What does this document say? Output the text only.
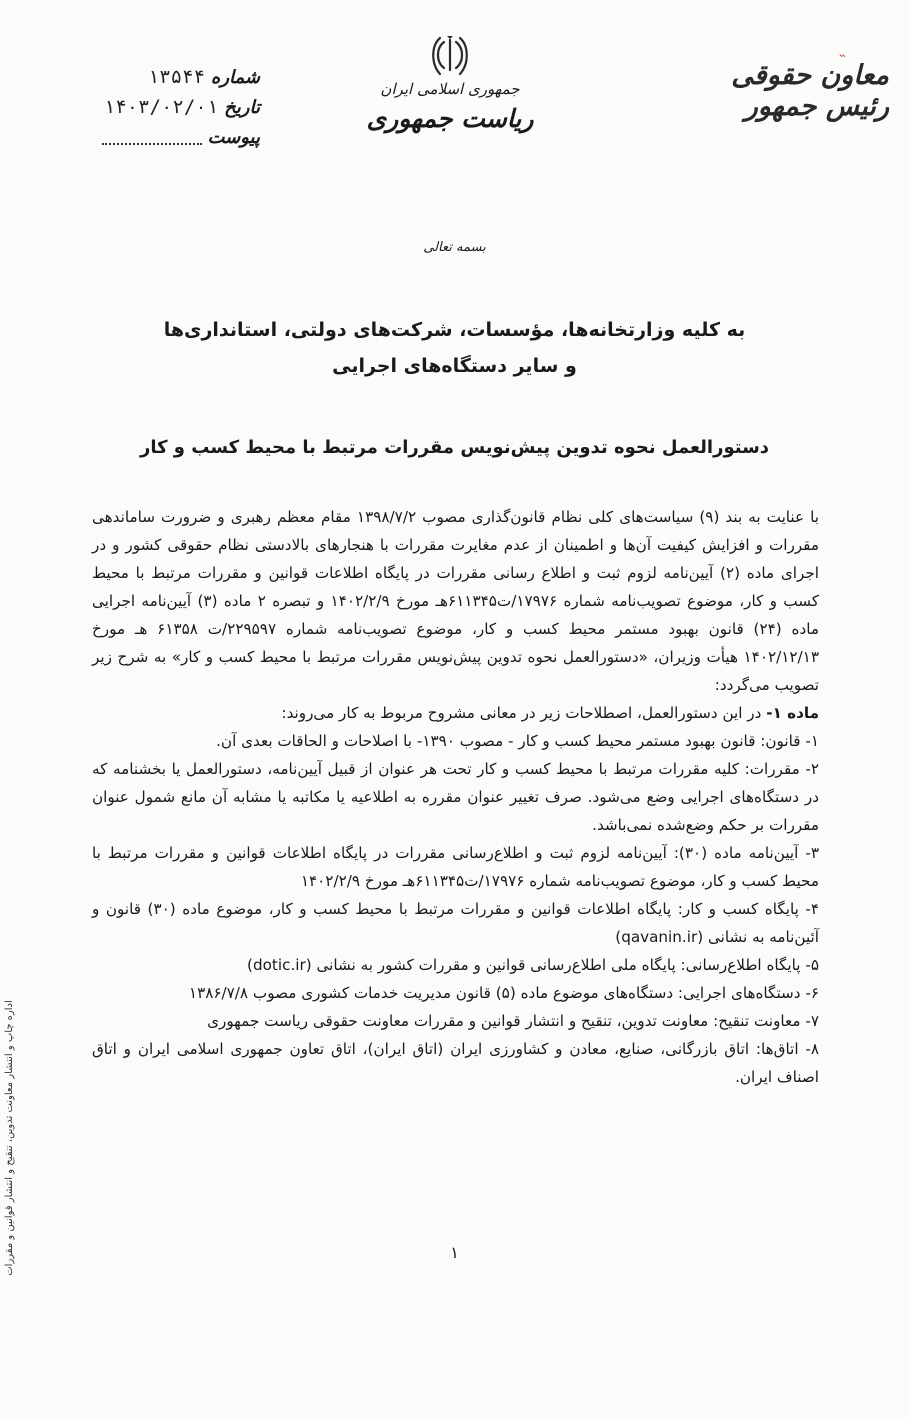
˵
معاون حقوقی رئیس جمهور
جمهوری اسلامی ایران
ریاست جمهوری
۱۳۵۴۴ شماره
۱۴۰۳/۰۲/۰۱ تاریخ
پیوست
بسمه تعالی
به کلیه وزارتخانه‌ها، مؤسسات، شرکت‌های دولتی، استانداری‌ها
و سایر دستگاه‌های اجرایی
دستورالعمل نحوه تدوین پیش‌نویس مقررات مرتبط با محیط کسب و کار

با عنایت به بند (۹) سیاست‌های کلی نظام قانون‌گذاری مصوب ۱۳۹۸/۷/۲ مقام معظم رهبری و ضرورت ساماندهی مقررات و افزایش کیفیت آن‌ها و اطمینان از عدم مغایرت مقررات با هنجارهای بالادستی نظام حقوقی کشور و در اجرای ماده (۲) آیین‌نامه لزوم ثبت و اطلاع رسانی مقررات در پایگاه اطلاعات قوانین و مقررات مرتبط با محیط کسب و کار، موضوع تصویب‌نامه شماره ۱۷۹۷۶/ت۶۱۱۳۴۵هـ مورخ ۱۴۰۲/۲/۹ و تبصره ۲ ماده (۳) آیین‌نامه اجرایی ماده (۲۴) قانون بهبود مستمر محیط کسب و کار، موضوع تصویب‌نامه شماره ۲۲۹۵۹۷/ت ۶۱۳۵۸ هـ مورخ ۱۴۰۲/۱۲/۱۳ هیأت وزیران، «دستورالعمل نحوه تدوین پیش‌نویس مقررات مرتبط با محیط کسب و کار» به شرح زیر تصویب می‌گردد:

ماده ۱- در این دستورالعمل، اصطلاحات زیر در معانی مشروح مربوط به کار می‌روند:

۱- قانون: قانون بهبود مستمر محیط کسب و کار - مصوب ۱۳۹۰- با اصلاحات و الحاقات بعدی آن.

۲- مقررات: کلیه مقررات مرتبط با محیط کسب و کار تحت هر عنوان از قبیل آیین‌نامه، دستورالعمل یا بخشنامه که در دستگاه‌های اجرایی وضع می‌شود. صرف تغییر عنوان مقرره به اطلاعیه یا مکاتبه یا مشابه آن مانع شمول عنوان مقررات بر حکم وضع‌شده نمی‌باشد.

۳- آیین‌نامه ماده (۳۰): آیین‌نامه لزوم ثبت و اطلاع‌رسانی مقررات در پایگاه اطلاعات قوانین و مقررات مرتبط با محیط کسب و کار، موضوع تصویب‌نامه شماره ۱۷۹۷۶/ت۶۱۱۳۴۵هـ مورخ ۱۴۰۲/۲/۹

۴- پایگاه کسب و کار: پایگاه اطلاعات قوانین و مقررات مرتبط با محیط کسب و کار، موضوع ماده (۳۰) قانون و آئین‌نامه به نشانی (qavanin.ir)

۵- پایگاه اطلاع‌رسانی: پایگاه ملی اطلاع‌رسانی قوانین و مقررات کشور به نشانی (dotic.ir)

۶- دستگاه‌های اجرایی: دستگاه‌های موضوع ماده (۵) قانون مدیریت خدمات کشوری مصوب ۱۳۸۶/۷/۸

۷- معاونت تنقیح: معاونت تدوین، تنقیح و انتشار قوانین و مقررات معاونت حقوقی ریاست جمهوری

۸- اتاق‌ها: اتاق بازرگانی، صنایع، معادن و کشاورزی ایران (اتاق ایران)، اتاق تعاون جمهوری اسلامی ایران و اتاق اصناف ایران.

اداره چاپ و انتشار معاونت تدوین، تنقیح و انتشار قوانین و مقررات	۱
